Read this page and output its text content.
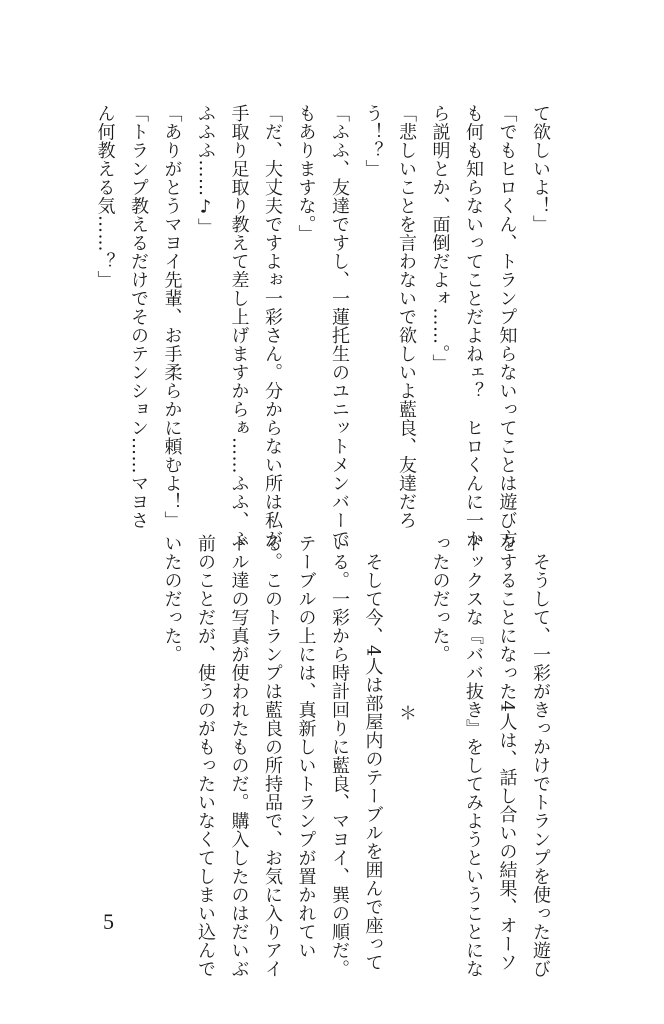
て欲しいよ！」
「でもヒロくん、トランプ知らないってことは遊び方
も何も知らないってことだよねェ？　ヒロくんに一か
ら説明とか、面倒だよォ……。」
「悲しいことを言わないで欲しいよ藍良、友達だろ
う！？」
「ふふ、友達ですし、一蓮托生のユニットメンバーで
もありますな。」
「だ、大丈夫ですよぉ一彩さん。分からない所は私が
手取り足取り教えて差し上げますからぁ……ふふ、ふ
ふふふ……♪」
「ありがとうマヨイ先輩、お手柔らかに頼むよ！」
「トランプ教えるだけでそのテンション……マヨさ
ん何教える気……？」
　そうして、一彩がきっかけでトランプを使った遊び
をすることになった4人は、話し合いの結果、オーソ
ドックスな『ババ抜き』をしてみようということにな
ったのだった。
＊
　そして今、4人は部屋内のテーブルを囲んで座って
いる。一彩から時計回りに藍良、マヨイ、巽の順だ。
テーブルの上には、真新しいトランプが置かれてい
る。このトランプは藍良の所持品で、お気に入りアイ
ドル達の写真が使われたものだ。購入したのはだいぶ
前のことだが、使うのがもったいなくてしまい込んで
いたのだった。
5
